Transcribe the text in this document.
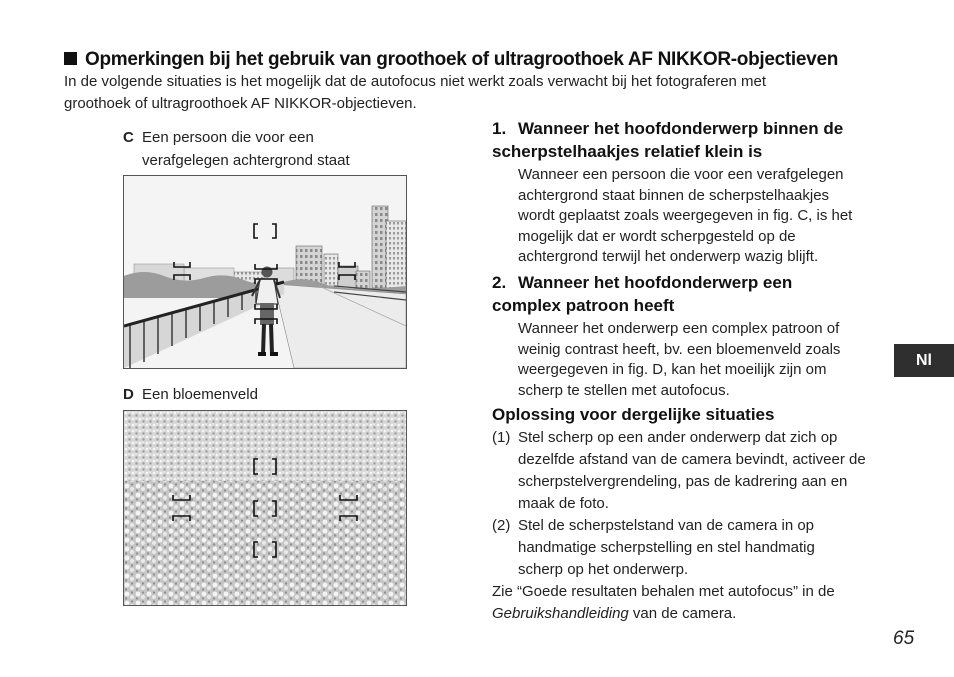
Opmerkingen bij het gebruik van groothoek of ultragroothoek AF NIKKOR-objectieven
In de volgende situaties is het mogelijk dat de autofocus niet werkt zoals verwacht bij het fotograferen met
groothoek of ultragroothoek AF NIKKOR-objectieven.
C Een persoon die voor een
verafgelegen achtergrond staat
D Een bloemenveld
1. Wanneer het hoofdonderwerp binnen de
scherpstelhaakjes relatief klein is
Wanneer een persoon die voor een verafgelegen
achtergrond staat binnen de scherpstelhaakjes
wordt geplaatst zoals weergegeven in fig. C, is het
mogelijk dat er wordt scherpgesteld op de
achtergrond terwijl het onderwerp wazig blijft.
2. Wanneer het hoofdonderwerp een
complex patroon heeft
Wanneer het onderwerp een complex patroon of
weinig contrast heeft, bv. een bloemenveld zoals
weergegeven in fig. D, kan het moeilijk zijn om
scherp te stellen met autofocus.
Oplossing voor dergelijke situaties
(1) Stel scherp op een ander onderwerp dat zich op
dezelfde afstand van de camera bevindt, activeer de
scherpstelvergrendeling, pas de kadrering aan en
maak de foto.
(2) Stel de scherpstelstand van de camera in op
handmatige scherpstelling en stel handmatig
scherp op het onderwerp.
Zie “Goede resultaten behalen met autofocus” in de
Gebruikshandleiding van de camera.
Nl
65
